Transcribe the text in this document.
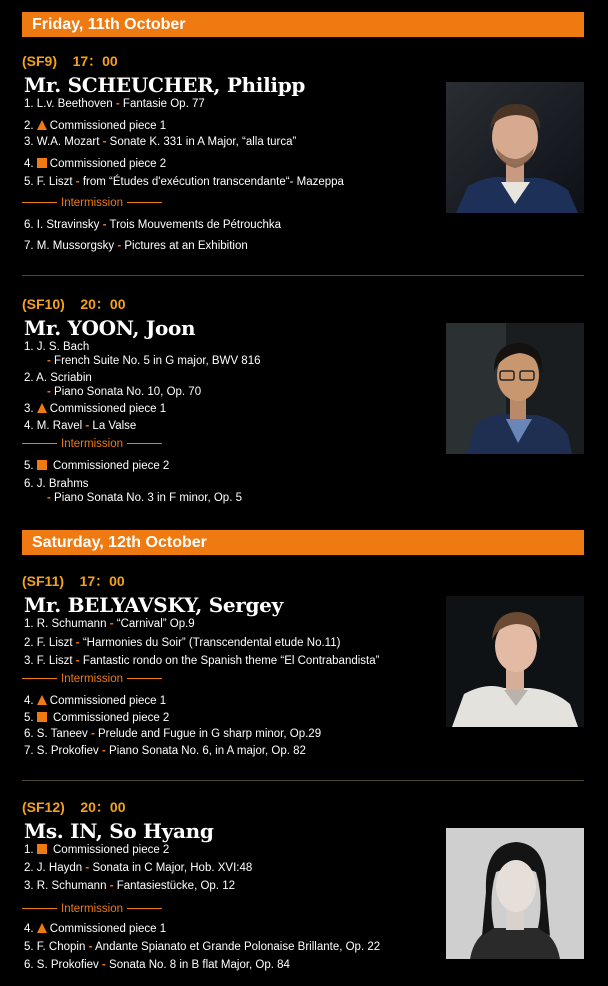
Friday, 11th October
(SF9) 17：00
Mr. SCHEUCHER, Philipp
1. L.v. Beethoven - Fantasie Op. 77
2. Commissioned piece 1
3. W.A. Mozart - Sonate K. 331 in A Major, “alla turca”
4. Commissioned piece 2
5. F. Liszt - from “Études d'exécution transcendante“- Mazeppa
Intermission
6. I. Stravinsky - Trois Mouvements de Pétrouchka
7. M. Mussorgsky - Pictures at an Exhibition
(SF10) 20：00
Mr. YOON, Joon
1. J. S. Bach
- French Suite No. 5 in G major, BWV 816
2. A. Scriabin
- Piano Sonata No. 10, Op. 70
3. Commissioned piece 1
4. M. Ravel - La Valse
Intermission
5.  Commissioned piece 2
6. J. Brahms
- Piano Sonata No. 3 in F minor, Op. 5
Saturday, 12th October
(SF11) 17：00
Mr. BELYAVSKY, Sergey
1. R. Schumann - “Carnival” Op.9
2. F. Liszt - “Harmonies du Soir” (Transcendental etude No.11)
3. F. Liszt - Fantastic rondo on the Spanish theme “El Contrabandista”
Intermission
4. Commissioned piece 1
5.  Commissioned piece 2
6. S. Taneev - Prelude and Fugue in G sharp minor, Op.29
7. S. Prokofiev - Piano Sonata No. 6, in A major, Op. 82
(SF12) 20：00
Ms. IN, So Hyang
1.  Commissioned piece 2
2. J. Haydn - Sonata in C Major, Hob. XVI:48
3. R. Schumann - Fantasiestücke, Op. 12
Intermission
4. Commissioned piece 1
5. F. Chopin - Andante Spianato et Grande Polonaise Brillante, Op. 22
6. S. Prokofiev - Sonata No. 8 in B flat Major, Op. 84
